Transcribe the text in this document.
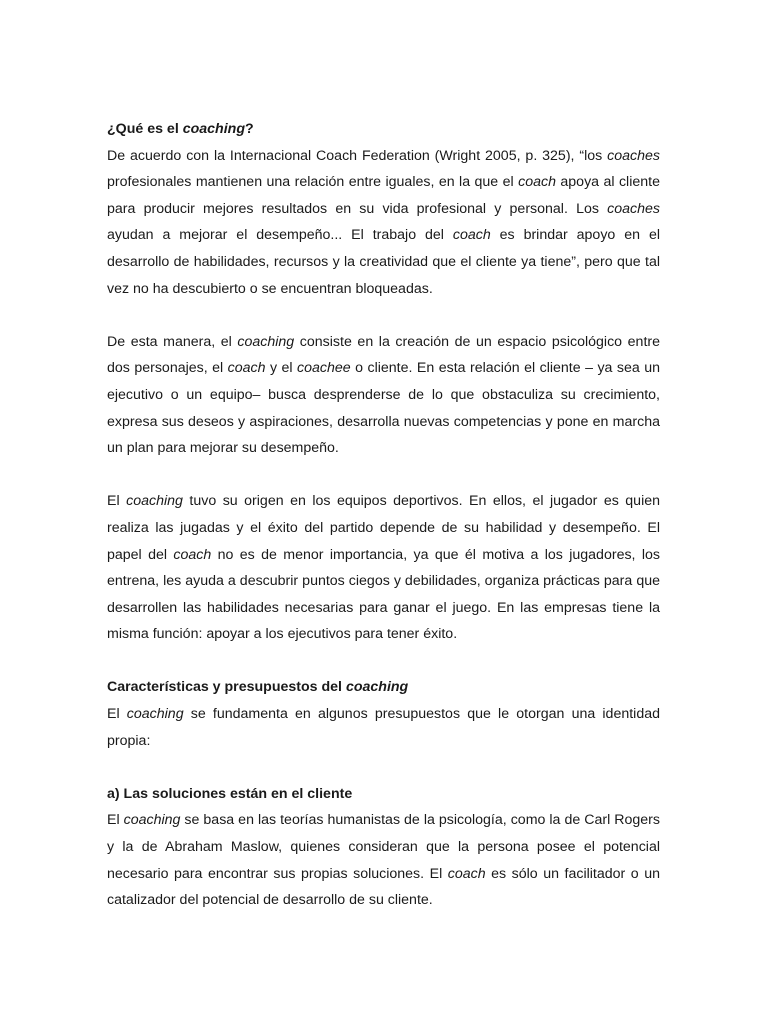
¿Qué es el coaching?

De acuerdo con la Internacional Coach Federation (Wright 2005, p. 325), “los coaches profesionales mantienen una relación entre iguales, en la que el coach apoya al cliente para producir mejores resultados en su vida profesional y personal. Los coaches ayudan a mejorar el desempeño... El trabajo del coach es brindar apoyo en el desarrollo de habilidades, recursos y la creatividad que el cliente ya tiene”, pero que tal vez no ha descubierto o se encuentran bloqueadas.

De esta manera, el coaching consiste en la creación de un espacio psicológico entre dos personajes, el coach y el coachee o cliente. En esta relación el cliente – ya sea un ejecutivo o un equipo– busca desprenderse de lo que obstaculiza su crecimiento, expresa sus deseos y aspiraciones, desarrolla nuevas competencias y pone en marcha un plan para mejorar su desempeño.

El coaching tuvo su origen en los equipos deportivos. En ellos, el jugador es quien realiza las jugadas y el éxito del partido depende de su habilidad y desempeño. El papel del coach no es de menor importancia, ya que él motiva a los jugadores, los entrena, les ayuda a descubrir puntos ciegos y debilidades, organiza prácticas para que desarrollen las habilidades necesarias para ganar el juego. En las empresas tiene la misma función: apoyar a los ejecutivos para tener éxito.

Características y presupuestos del coaching

El coaching se fundamenta en algunos presupuestos que le otorgan una identidad propia:

a) Las soluciones están en el cliente

El coaching se basa en las teorías humanistas de la psicología, como la de Carl Rogers y la de Abraham Maslow, quienes consideran que la persona posee el potencial necesario para encontrar sus propias soluciones. El coach es sólo un facilitador o un catalizador del potencial de desarrollo de su cliente.
